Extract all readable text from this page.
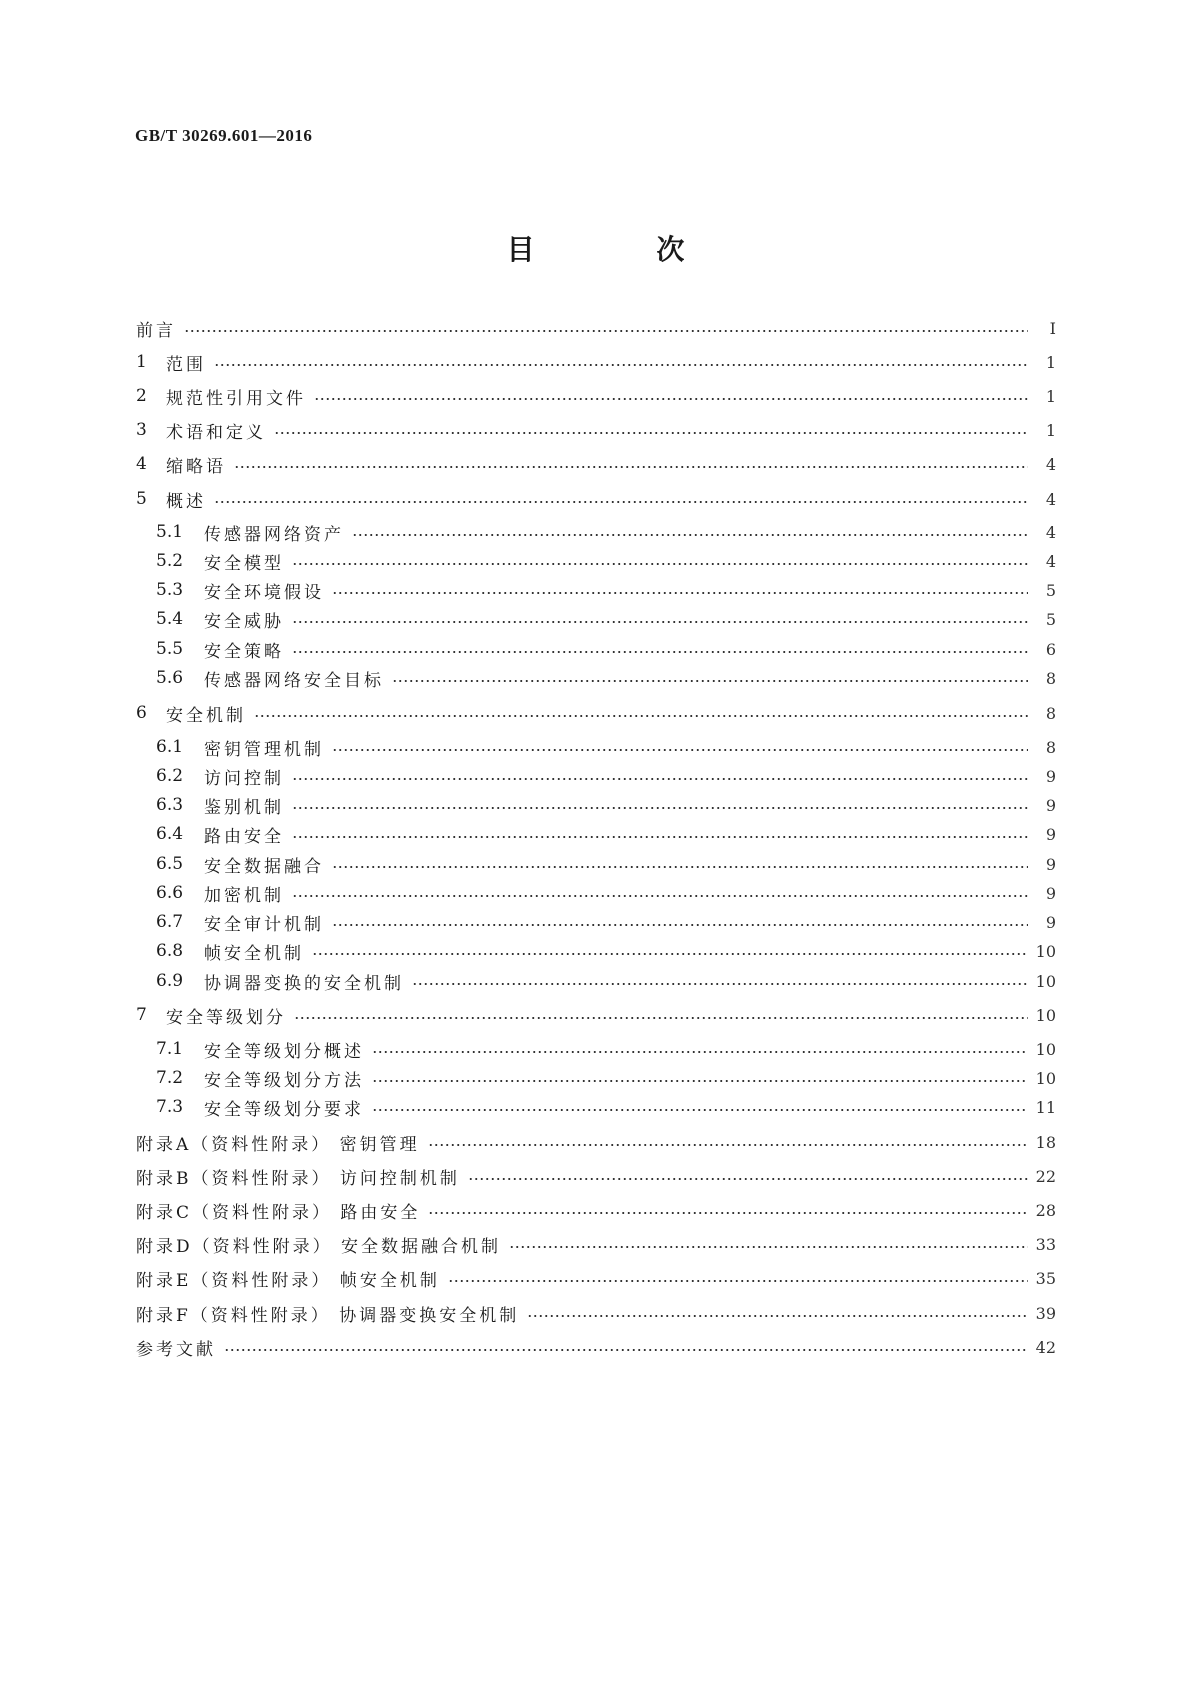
GB/T 30269.601—2016
目 次
前言	Ⅰ
1	范围	1
2	规范性引用文件	1
3	术语和定义	1
4	缩略语	4
5	概述	4
5.1	传感器网络资产	4
5.2	安全模型	4
5.3	安全环境假设	5
5.4	安全威胁	5
5.5	安全策略	6
5.6	传感器网络安全目标	8
6	安全机制	8
6.1	密钥管理机制	8
6.2	访问控制	9
6.3	鉴别机制	9
6.4	路由安全	9
6.5	安全数据融合	9
6.6	加密机制	9
6.7	安全审计机制	9
6.8	帧安全机制	10
6.9	协调器变换的安全机制	10
7	安全等级划分	10
7.1	安全等级划分概述	10
7.2	安全等级划分方法	10
7.3	安全等级划分要求	11
附录A（资料性附录） 密钥管理	18
附录B（资料性附录） 访问控制机制	22
附录C（资料性附录） 路由安全	28
附录D（资料性附录） 安全数据融合机制	33
附录E（资料性附录） 帧安全机制	35
附录F（资料性附录） 协调器变换安全机制	39
参考文献	42
